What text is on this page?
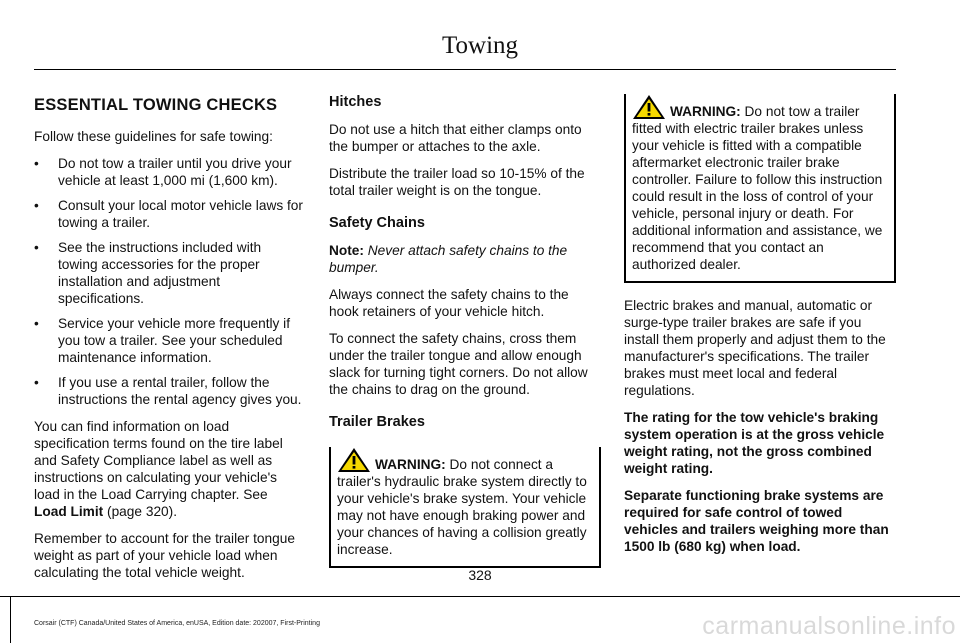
Towing
ESSENTIAL TOWING CHECKS

Follow these guidelines for safe towing:

• Do not tow a trailer until you drive your vehicle at least 1,000 mi (1,600 km).
• Consult your local motor vehicle laws for towing a trailer.
• See the instructions included with towing accessories for the proper installation and adjustment specifications.
• Service your vehicle more frequently if you tow a trailer. See your scheduled maintenance information.
• If you use a rental trailer, follow the instructions the rental agency gives you.

You can find information on load specification terms found on the tire label and Safety Compliance label as well as instructions on calculating your vehicle's load in the Load Carrying chapter. See Load Limit (page 320).

Remember to account for the trailer tongue weight as part of your vehicle load when calculating the total vehicle weight.

Hitches

Do not use a hitch that either clamps onto the bumper or attaches to the axle.

Distribute the trailer load so 10-15% of the total trailer weight is on the tongue.

Safety Chains

Note: Never attach safety chains to the bumper.

Always connect the safety chains to the hook retainers of your vehicle hitch.

To connect the safety chains, cross them under the trailer tongue and allow enough slack for turning tight corners. Do not allow the chains to drag on the ground.

Trailer Brakes
WARNING: Do not connect a trailer's hydraulic brake system directly to your vehicle's brake system. Your vehicle may not have enough braking power and your chances of having a collision greatly increase.
WARNING: Do not tow a trailer fitted with electric trailer brakes unless your vehicle is fitted with a compatible aftermarket electronic trailer brake controller. Failure to follow this instruction could result in the loss of control of your vehicle, personal injury or death. For additional information and assistance, we recommend that you contact an authorized dealer.

Electric brakes and manual, automatic or surge-type trailer brakes are safe if you install them properly and adjust them to the manufacturer's specifications. The trailer brakes must meet local and federal regulations.

The rating for the tow vehicle's braking system operation is at the gross vehicle weight rating, not the gross combined weight rating.

Separate functioning brake systems are required for safe control of towed vehicles and trailers weighing more than 1500 lb (680 kg) when load.

328
Corsair (CTF) Canada/United States of America, enUSA, Edition date: 202007, First-Printing	carmanualsonline.info
